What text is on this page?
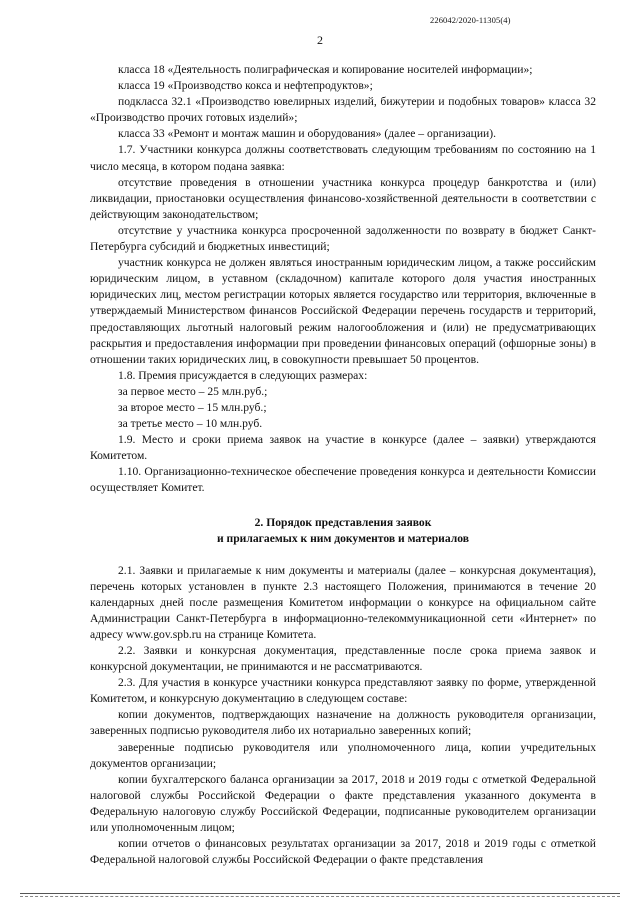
226042/2020-11305(4)
2

класса 18 «Деятельность полиграфическая и копирование носителей информации»;

класса 19 «Производство кокса и нефтепродуктов»;

подкласса 32.1 «Производство ювелирных изделий, бижутерии и подобных товаров» класса 32 «Производство прочих готовых изделий»;

класса 33 «Ремонт и монтаж машин и оборудования» (далее – организации).

1.7. Участники конкурса должны соответствовать следующим требованиям по состоянию на 1 число месяца, в котором подана заявка:

отсутствие проведения в отношении участника конкурса процедур банкротства и (или) ликвидации, приостановки осуществления финансово-хозяйственной деятельности в соответствии с действующим законодательством;

отсутствие у участника конкурса просроченной задолженности по возврату в бюджет Санкт-Петербурга субсидий и бюджетных инвестиций;

участник конкурса не должен являться иностранным юридическим лицом, а также российским юридическим лицом, в уставном (складочном) капитале которого доля участия иностранных юридических лиц, местом регистрации которых является государство или территория, включенные в утверждаемый Министерством финансов Российской Федерации перечень государств и территорий, предоставляющих льготный налоговый режим налогообложения и (или) не предусматривающих раскрытия и предоставления информации при проведении финансовых операций (офшорные зоны) в отношении таких юридических лиц, в совокупности превышает 50 процентов.

1.8. Премия присуждается в следующих размерах:

за первое место – 25 млн.руб.;

за второе место – 15 млн.руб.;

за третье место – 10 млн.руб.

1.9. Место и сроки приема заявок на участие в конкурсе (далее – заявки) утверждаются Комитетом.

1.10. Организационно-техническое обеспечение проведения конкурса и деятельности Комиссии осуществляет Комитет.

2. Порядок представления заявок
и прилагаемых к ним документов и материалов

2.1. Заявки и прилагаемые к ним документы и материалы (далее – конкурсная документация), перечень которых установлен в пункте 2.3 настоящего Положения, принимаются в течение 20 календарных дней после размещения Комитетом информации о конкурсе на официальном сайте Администрации Санкт-Петербурга в информационно-телекоммуникационной сети «Интернет» по адресу www.gov.spb.ru на странице Комитета.

2.2. Заявки и конкурсная документация, представленные после срока приема заявок и конкурсной документации, не принимаются и не рассматриваются.

2.3. Для участия в конкурсе участники конкурса представляют заявку по форме, утвержденной Комитетом, и конкурсную документацию в следующем составе:

копии документов, подтверждающих назначение на должность руководителя организации, заверенных подписью руководителя либо их нотариально заверенных копий;

заверенные подписью руководителя или уполномоченного лица, копии учредительных документов организации;

копии бухгалтерского баланса организации за 2017, 2018 и 2019 годы с отметкой Федеральной налоговой службы Российской Федерации о факте представления указанного документа в Федеральную налоговую службу Российской Федерации, подписанные руководителем организации или уполномоченным лицом;

копии отчетов о финансовых результатах организации за 2017, 2018 и 2019 годы с отметкой Федеральной налоговой службы Российской Федерации о факте представления
